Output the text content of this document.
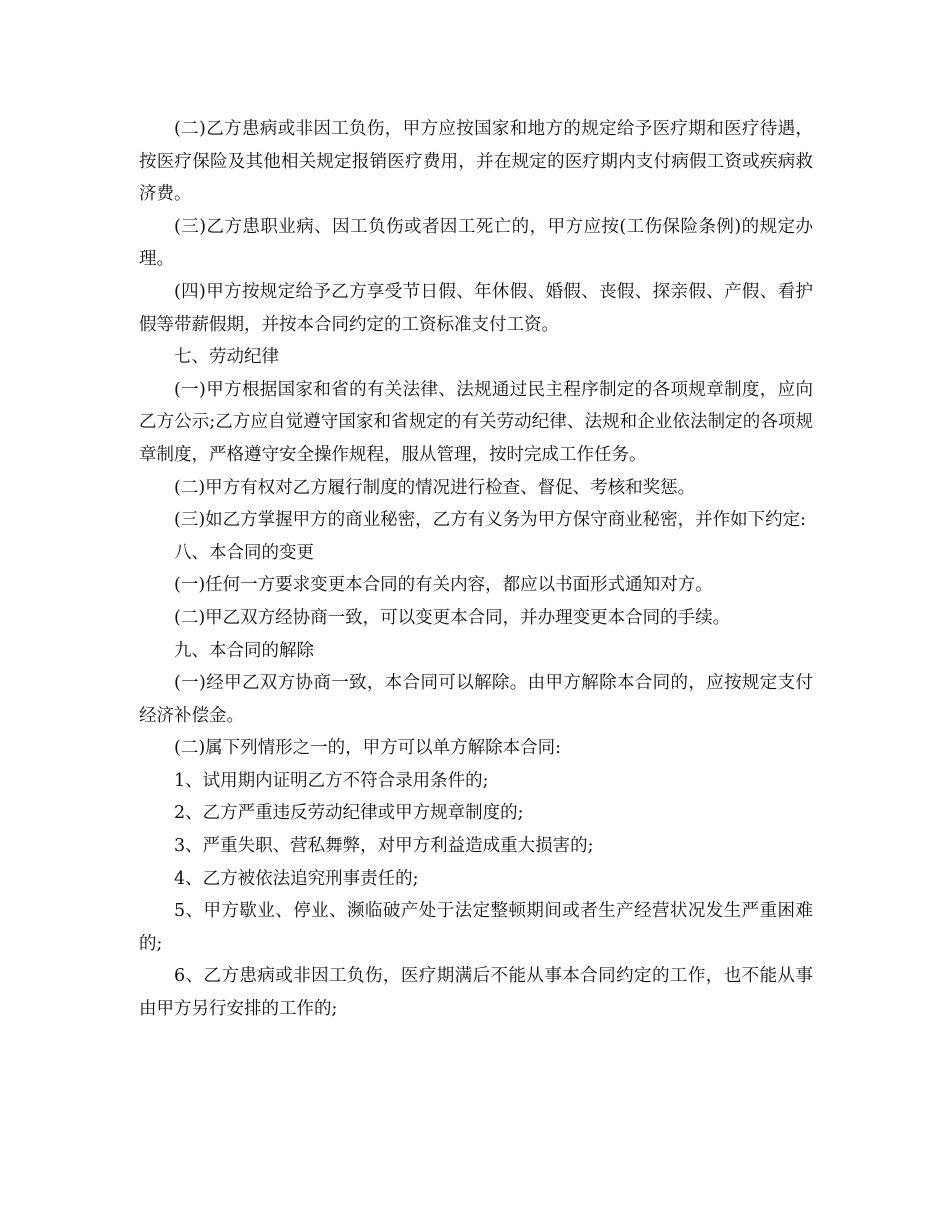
(二)乙方患病或非因工负伤，甲方应按国家和地方的规定给予医疗期和医疗待遇，按医疗保险及其他相关规定报销医疗费用，并在规定的医疗期内支付病假工资或疾病救济费。

(三)乙方患职业病、因工负伤或者因工死亡的，甲方应按(工伤保险条例)的规定办理。

(四)甲方按规定给予乙方享受节日假、年休假、婚假、丧假、探亲假、产假、看护假等带薪假期，并按本合同约定的工资标准支付工资。

七、劳动纪律

(一)甲方根据国家和省的有关法律、法规通过民主程序制定的各项规章制度，应向乙方公示;乙方应自觉遵守国家和省规定的有关劳动纪律、法规和企业依法制定的各项规章制度，严格遵守安全操作规程，服从管理，按时完成工作任务。

(二)甲方有权对乙方履行制度的情况进行检查、督促、考核和奖惩。

(三)如乙方掌握甲方的商业秘密，乙方有义务为甲方保守商业秘密，并作如下约定:

八、本合同的变更

(一)任何一方要求变更本合同的有关内容，都应以书面形式通知对方。

(二)甲乙双方经协商一致，可以变更本合同，并办理变更本合同的手续。

九、本合同的解除

(一)经甲乙双方协商一致，本合同可以解除。由甲方解除本合同的，应按规定支付经济补偿金。

(二)属下列情形之一的，甲方可以单方解除本合同:

1、试用期内证明乙方不符合录用条件的;

2、乙方严重违反劳动纪律或甲方规章制度的;

3、严重失职、营私舞弊，对甲方利益造成重大损害的;

4、乙方被依法追究刑事责任的;

5、甲方歇业、停业、濒临破产处于法定整顿期间或者生产经营状况发生严重困难的;

6、乙方患病或非因工负伤，医疗期满后不能从事本合同约定的工作，也不能从事由甲方另行安排的工作的;
